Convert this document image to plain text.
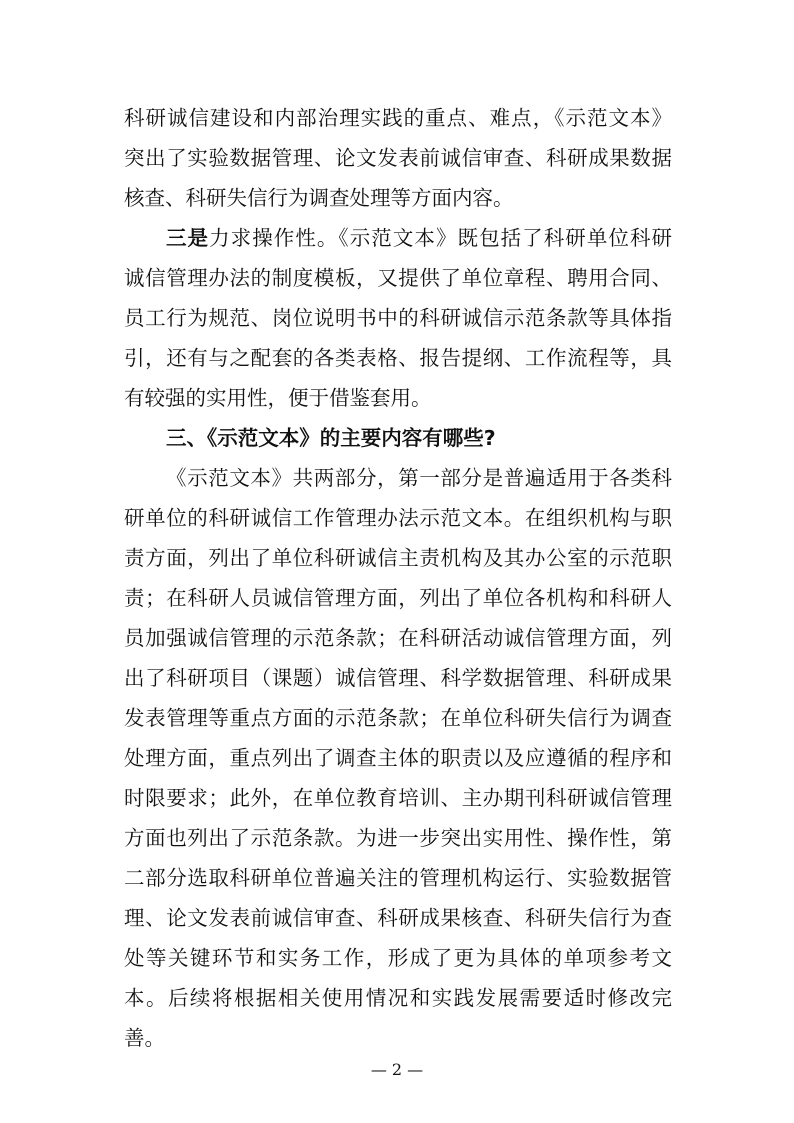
科研诚信建设和内部治理实践的重点、难点，《示范文本》
突出了实验数据管理、论文发表前诚信审查、科研成果数据
核查、科研失信行为调查处理等方面内容。
三是力求操作性。《示范文本》既包括了科研单位科研
诚信管理办法的制度模板，又提供了单位章程、聘用合同、
员工行为规范、岗位说明书中的科研诚信示范条款等具体指
引，还有与之配套的各类表格、报告提纲、工作流程等，具
有较强的实用性，便于借鉴套用。
三、《示范文本》的主要内容有哪些?
《示范文本》共两部分，第一部分是普遍适用于各类科
研单位的科研诚信工作管理办法示范文本。在组织机构与职
责方面，列出了单位科研诚信主责机构及其办公室的示范职
责；在科研人员诚信管理方面，列出了单位各机构和科研人
员加强诚信管理的示范条款；在科研活动诚信管理方面，列
出了科研项目（课题）诚信管理、科学数据管理、科研成果
发表管理等重点方面的示范条款；在单位科研失信行为调查
处理方面，重点列出了调查主体的职责以及应遵循的程序和
时限要求；此外，在单位教育培训、主办期刊科研诚信管理
方面也列出了示范条款。为进一步突出实用性、操作性，第
二部分选取科研单位普遍关注的管理机构运行、实验数据管
理、论文发表前诚信审查、科研成果核查、科研失信行为查
处等关键环节和实务工作，形成了更为具体的单项参考文
本。后续将根据相关使用情况和实践发展需要适时修改完
善。
— 2 —
